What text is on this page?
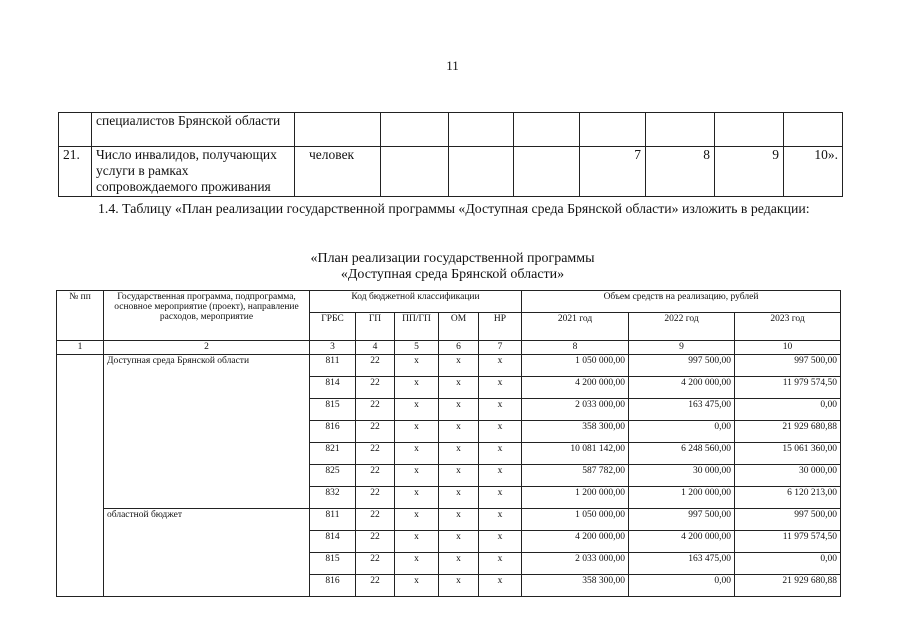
11
	специалистов Брянской области								
21.	Число инвалидов, получающих услуги в рамках сопровождаемого проживания	человек				7	8	9	10».
1.4. Таблицу «План реализации государственной программы «Доступная среда Брянской области» изложить в редакции:
«План реализации государственной программы
«Доступная среда Брянской области»
№ пп	Государственная программа, подпрограмма, основное мероприятие (проект), направление расходов, мероприятие	Код бюджетной классификации					Объем средств на реализацию, рублей		
		ГРБС	ГП	ПП/ГП	ОМ	НР	2021 год	2022 год	2023 год
1	2	3	4	5	6	7	8	9	10
	Доступная среда Брянской области	811	22	х	х	х	1 050 000,00	997 500,00	997 500,00
		814	22	х	х	х	4 200 000,00	4 200 000,00	11 979 574,50
		815	22	х	х	х	2 033 000,00	163 475,00	0,00
		816	22	х	х	х	358 300,00	0,00	21 929 680,88
		821	22	х	х	х	10 081 142,00	6 248 560,00	15 061 360,00
		825	22	х	х	х	587 782,00	30 000,00	30 000,00
		832	22	х	х	х	1 200 000,00	1 200 000,00	6 120 213,00
	областной бюджет	811	22	х	х	х	1 050 000,00	997 500,00	997 500,00
		814	22	х	х	х	4 200 000,00	4 200 000,00	11 979 574,50
		815	22	х	х	х	2 033 000,00	163 475,00	0,00
		816	22	х	х	х	358 300,00	0,00	21 929 680,88
